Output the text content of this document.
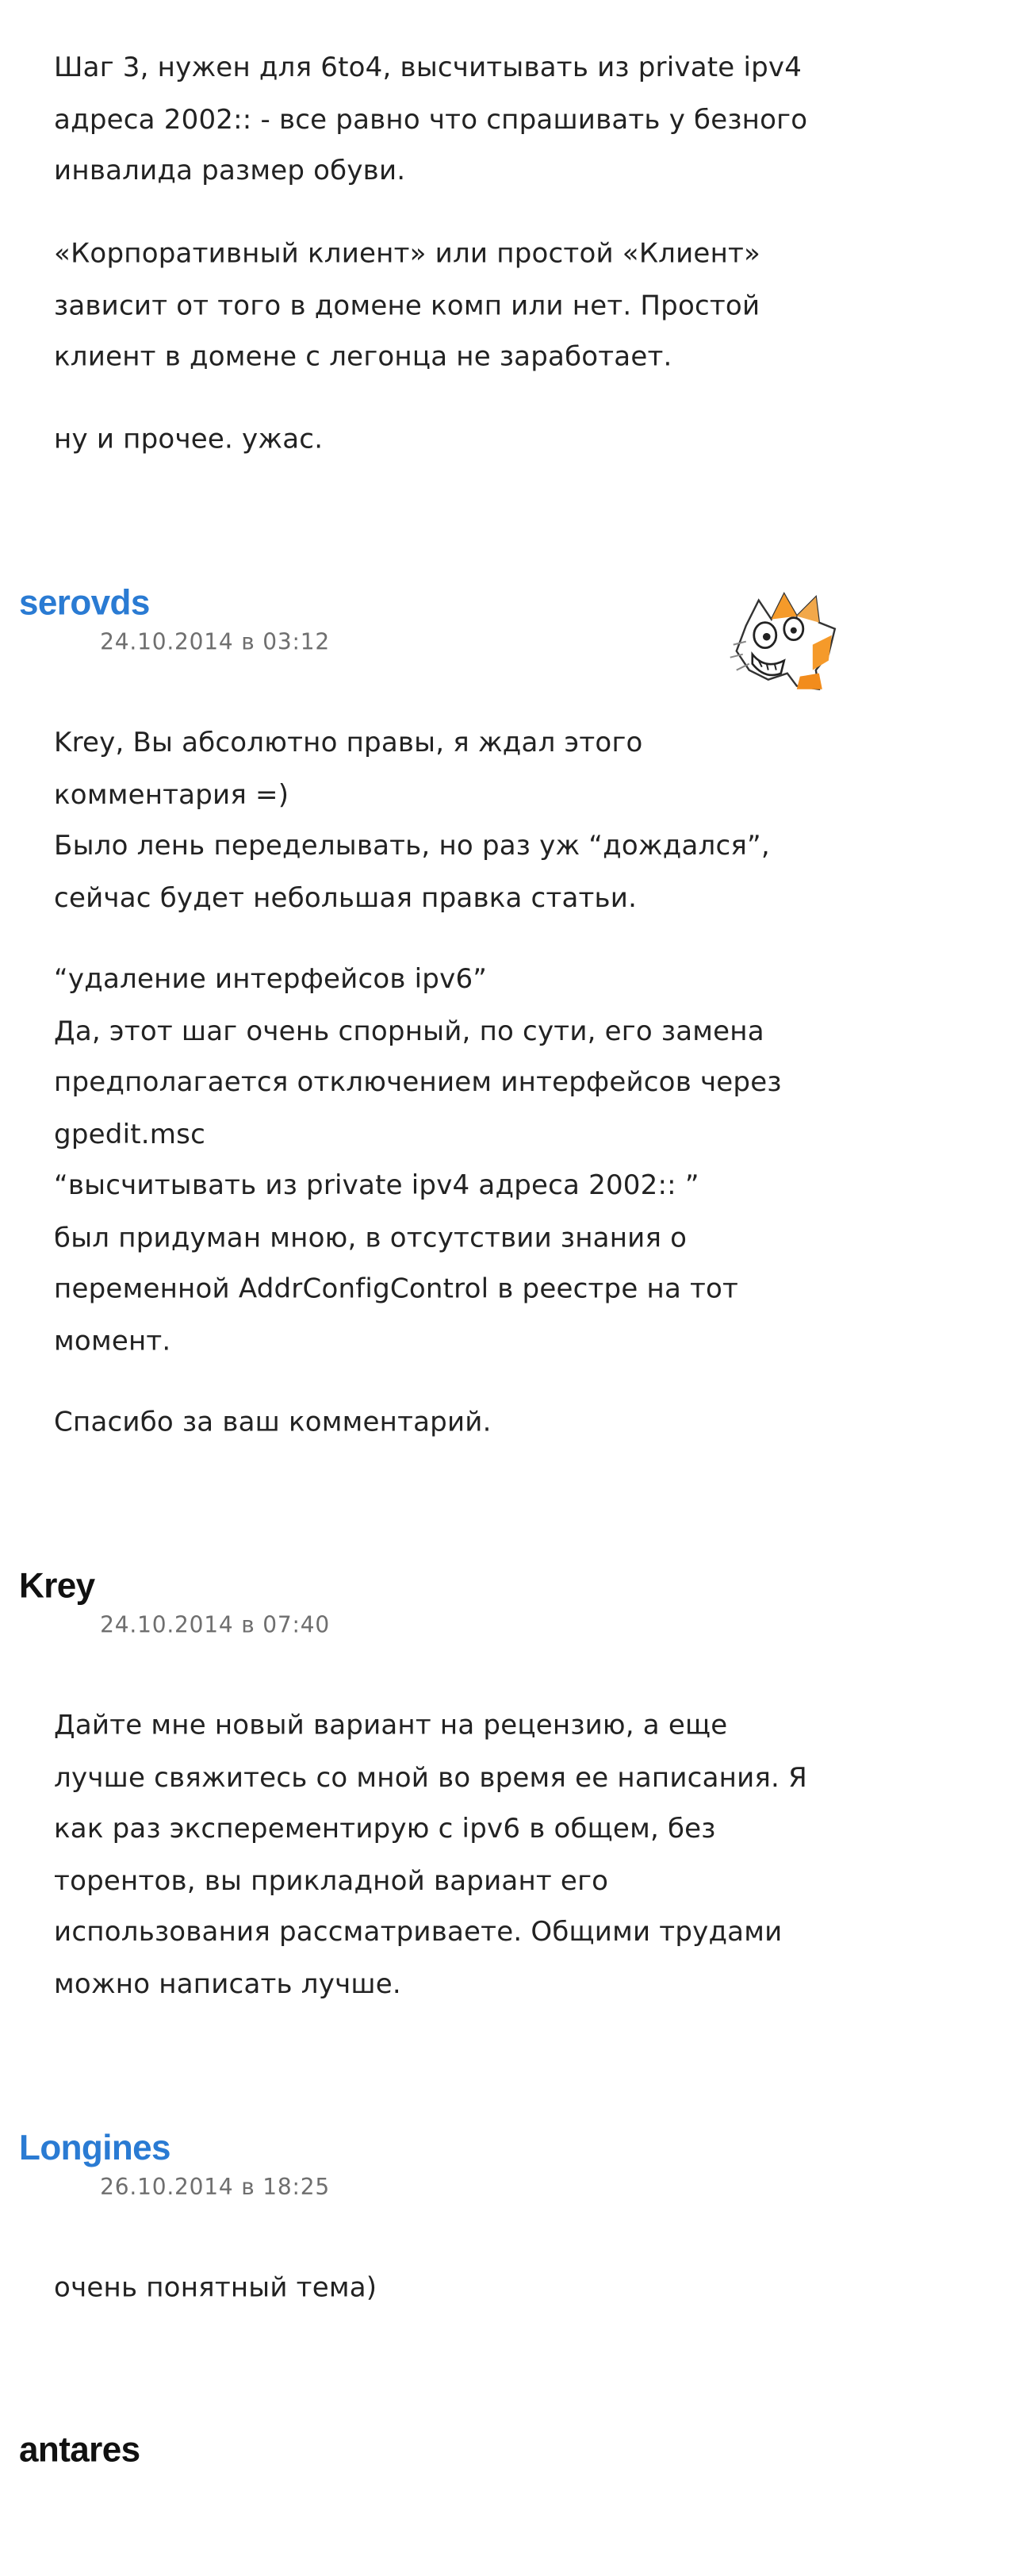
Шаг 3, нужен для 6to4, высчитывать из private ipv4
адреса 2002:: - все равно что спрашивать у безного
инвалида размер обуви.

«Корпоративный клиент» или простой «Клиент»
зависит от того в домене комп или нет. Простой
клиент в домене с легонца не заработает.

ну и прочее. ужас.

serovds
24.10.2014 в 03:12

Krey, Вы абсолютно правы, я ждал этого
комментария =)
Было лень переделывать, но раз уж “дождался”,
сейчас будет небольшая правка статьи.

“удаление интерфейсов ipv6”
Да, этот шаг очень спорный, по сути, его замена
предполагается отключением интерфейсов через
gpedit.msc
“высчитывать из private ipv4 адреса 2002:: ”
был придуман мною, в отсутствии знания о
переменной AddrConfigControl в реестре на тот
момент.

Спасибо за ваш комментарий.

Krey
24.10.2014 в 07:40

Дайте мне новый вариант на рецензию, а еще
лучше свяжитесь со мной во время ее написания. Я
как раз эксперементирую с ipv6 в общем, без
торентов, вы прикладной вариант его
использования рассматриваете. Общими трудами
можно написать лучше.

Longines
26.10.2014 в 18:25

очень понятный тема)

antares
